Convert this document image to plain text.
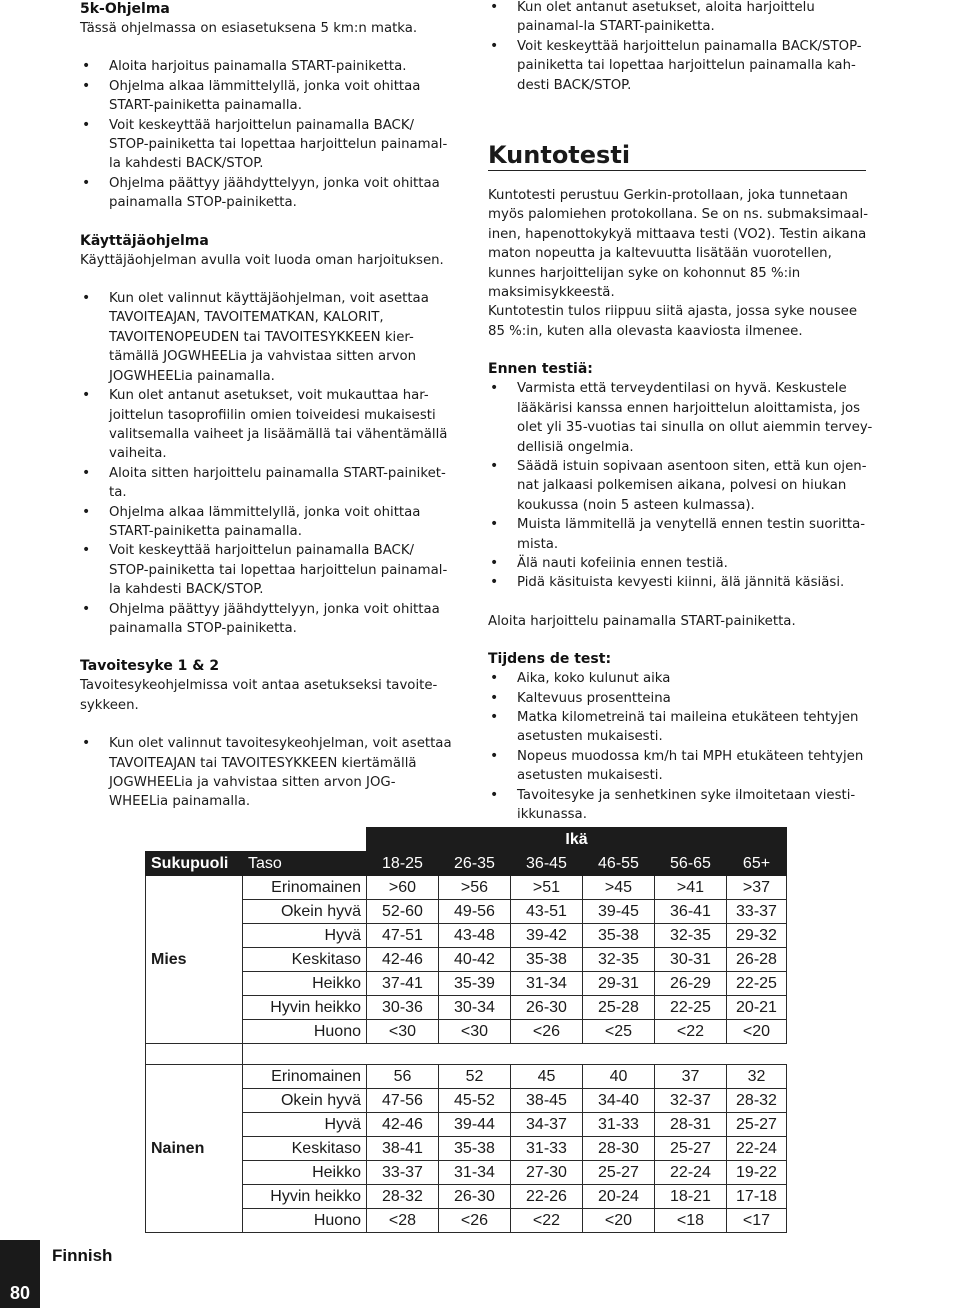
5k-Ohjelma

Tässä ohjelmassa on esiasetuksena 5 km:n matka.

• Aloita harjoitus painamalla START-painiketta.
• Ohjelma alkaa lämmittelyllä, jonka voit ohittaa START-painiketta painamalla.
• Voit keskeyttää harjoittelun painamalla BACK/ STOP-painiketta tai lopettaa harjoittelun painamal-la kahdesti BACK/STOP.
• Ohjelma päättyy jäähdyttelyyn, jonka voit ohittaa painamalla STOP-painiketta.
Käyttäjäohjelma

Käyttäjäohjelman avulla voit luoda oman harjoituksen.

• Kun olet valinnut käyttäjäohjelman, voit asettaa TAVOITEAJAN, TAVOITEMATKAN, KALORIT, TAVOITENOPEUDEN tai TAVOITESYKKEEN kier-tämällä JOGWHEELia ja vahvistaa sitten arvon JOGWHEELia painamalla.
• Kun olet antanut asetukset, voit mukauttaa har-joittelun tasoprofiilin omien toiveidesi mukaisesti valitsemalla vaiheet ja lisäämällä tai vähentämällä vaiheita.
• Aloita sitten harjoittelu painamalla START-painiket-ta.
• Ohjelma alkaa lämmittelyllä, jonka voit ohittaa START-painiketta painamalla.
• Voit keskeyttää harjoittelun painamalla BACK/ STOP-painiketta tai lopettaa harjoittelun painamal-la kahdesti BACK/STOP.
• Ohjelma päättyy jäähdyttelyyn, jonka voit ohittaa painamalla STOP-painiketta.
Tavoitesyke 1 & 2

Tavoitesykeohjelmissa voit antaa asetukseksi tavoite-sykkeen.

• Kun olet valinnut tavoitesykeohjelman, voit asettaa TAVOITEAJAN tai TAVOITESYKKEEN kiertämällä JOGWHEELia ja vahvistaa sitten arvon JOG-WHEELia painamalla.
• Kun olet antanut asetukset, aloita harjoittelu painamal-la START-painiketta.
• Voit keskeyttää harjoittelun painamalla BACK/STOP-painiketta tai lopettaa harjoittelun painamalla kah-desti BACK/STOP.
Kuntotesti

Kuntotesti perustuu Gerkin-protollaan, joka tunnetaan myös palomiehen protokollana. Se on ns. submaksimaal-inen, hapenottokykyä mittaava testi (VO2). Testin aikana maton nopeutta ja kaltevuutta lisätään vuorotellen, kunnes harjoittelijan syke on kohonnut 85 %:in maksimisykkeestä.

Kuntotestin tulos riippuu siitä ajasta, jossa syke nousee 85 %:in, kuten alla olevasta kaaviosta ilmenee.

Ennen testiä:
• Varmista että terveydentilasi on hyvä. Keskustele lääkärisi kanssa ennen harjoittelun aloittamista, jos olet yli 35-vuotias tai sinulla on ollut aiemmin tervey-dellisiä ongelmia.
• Säädä istuin sopivaan asentoon siten, että kun ojen-nat jalkaasi polkemisen aikana, polvesi on hiukan koukussa (noin 5 asteen kulmassa).
• Muista lämmitellä ja venytellä ennen testin suoritta-mista.
• Älä nauti kofeiinia ennen testiä.
• Pidä käsituista kevyesti kiinni, älä jännitä käsiäsi.

Aloita harjoittelu painamalla START-painiketta.

Tijdens de test:
• Aika, koko kulunut aika
• Kaltevuus prosentteina
• Matka kilometreinä tai maileina etukäteen tehtyjen asetusten mukaisesti.
• Nopeus muodossa km/h tai MPH etukäteen tehtyjen asetusten mukaisesti.
• Tavoitesyke ja senhetkinen syke ilmoitetaan viesti-ikkunassa.
		Ikä					
Sukupuoli	Taso	18-25	26-35	36-45	46-55	56-65	65+
Mies	Erinomainen	>60	>56	>51	>45	>41	>37
	Okein hyvä	52-60	49-56	43-51	39-45	36-41	33-37
	Hyvä	47-51	43-48	39-42	35-38	32-35	29-32
	Keskitaso	42-46	40-42	35-38	32-35	30-31	26-28
	Heikko	37-41	35-39	31-34	29-31	26-29	22-25
	Hyvin heikko	30-36	30-34	26-30	25-28	22-25	20-21
	Huono	<30	<30	<26	<25	<22	<20

Nainen	Erinomainen	56	52	45	40	37	32
	Okein hyvä	47-56	45-52	38-45	34-40	32-37	28-32
	Hyvä	42-46	39-44	34-37	31-33	28-31	25-27
	Keskitaso	38-41	35-38	31-33	28-30	25-27	22-24
	Heikko	33-37	31-34	27-30	25-27	22-24	19-22
	Hyvin heikko	28-32	26-30	22-26	20-24	18-21	17-18
	Huono	<28	<26	<22	<20	<18	<17
80
Finnish
